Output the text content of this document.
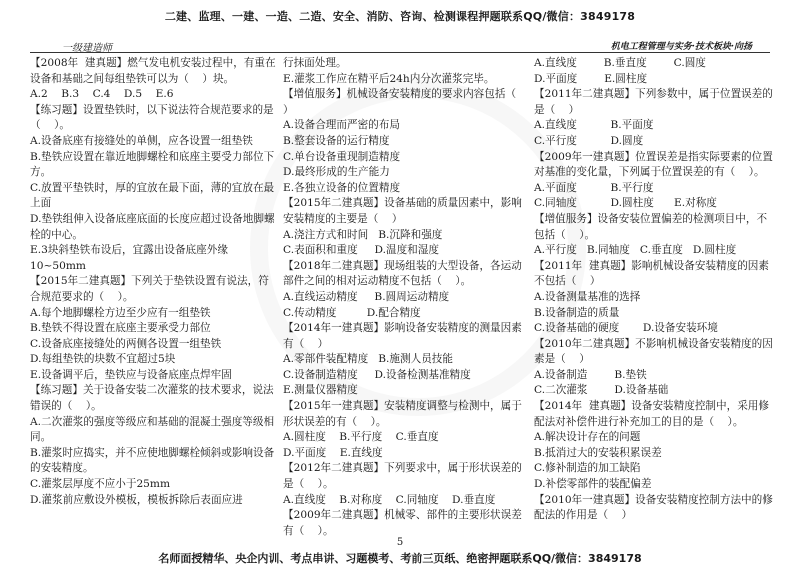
二建、监理、一建、一造、二造、安全、消防、咨询、检测课程押题联系QQ/微信：3849178
一级建造师	机电工程管理与实务·技术板块·向扬

【2008年  建真题】燃气发电机安装过程中，有重在设备和基础之间每组垫铁可以为（    ）块。

A.2    B.3    C.4    D.5    E.6

【练习题】设置垫铁时，以下说法符合规范要求的是（    ）。

A.设备底座有接缝处的单侧，应各设置一组垫铁

B.垫铁应设置在靠近地脚螺栓和底座主要受力部位下方。

C.放置平垫铁时，厚的宜放在最下面，薄的宜放在最上面

D.垫铁组伸入设备底座底面的长度应超过设备地脚螺栓的中心。

E.3块斜垫铁布设后，宜露出设备底座外缘10~50mm

【2015年二建真题】下列关于垫铁设置有说法，符合规范要求的（    ）。

A.每个地脚螺栓方边至少应有一组垫铁

B.垫铁不得设置在底座主要承受力部位

C.设备底座接缝处的两侧各设置一组垫铁

D.每组垫铁的块数不宜超过5块

E.设备调平后，垫铁应与设备底座点焊牢固

【练习题】关于设备安装二次灌浆的技术要求，说法错误的（    ）。

A.二次灌浆的强度等级应和基础的混凝土强度等级相同。

B.灌浆时应捣实，并不应使地脚螺栓倾斜或影响设备的安装精度。

C.灌浆层厚度不应小于25mm

D.灌浆前应敷设外模板，模板拆除后表面应进

行抹面处理。

E.灌浆工作应在精平后24h内分次灌浆完毕。

【增值服务】机械设备安装精度的要求内容包括（    ）

A.设备合理而严密的布局

B.整套设备的运行精度

C.单台设备重现制造精度

D.最终形成的生产能力

E.各独立设备的位置精度

【2015年二建真题】设备基础的质量因素中，影响安装精度的主要是（    ）

A.浇注方式和时间   B.沉降和强度

C.表面积和重度     D.温度和湿度

【2018年二建真题】现场组装的大型设备，各运动部件之间的相对运动精度不包括（    ）。

A.直线运动精度     B.圆周运动精度

C.传动精度         D.配合精度

【2014年一建真题】影响设备安装精度的测量因素有（    ）

A.零部件装配精度   B.施测人员技能

C.设备制造精度     D.设备检测基准精度

E.测量仪器精度

【2015年一建真题】安装精度调整与检测中，属于形状误差的有（    ）。

A.圆柱度    B.平行度    C.垂直度

D.平面度    E.直线度

【2012年二建真题】下列要求中，属于形状误差的是（    ）。

A.直线度    B.对称度    C.同轴度    D.垂直度

【2009年二建真题】机械零、部件的主要形状误差有（    ）。

A.直线度        B.垂直度        C.圆度

D.平面度        E.圆柱度

【2011年二建真题】下列参数中，属于位置误差的是（    ）

A.直线度          B.平面度

C.平行度          D.圆度

【2009年一建真题】位置误差是指实际要素的位置对基准的变化量，下列属于位置误差的有（    ）。

A.平面度          B.平行度

C.同轴度          D.圆柱度      E.对称度

【增值服务】设备安装位置偏差的检测项目中，不包括（    ）。

A.平行度   B.同轴度   C.垂直度   D.圆柱度

【2011年  建真题】影响机械设备安装精度的因素不包括（    ）

A.设备测量基准的选择

B.设备制造的质量

C.设备基础的硬度       D.设备安装环境

【2010年二建真题】不影响机械设备安装精度的因素是（    ）

A.设备制造        B.垫铁

C.二次灌浆        D.设备基础

【2014年  建真题】设备安装精度控制中，采用修配法对补偿件进行补充加工的目的是（    ）。

A.解决设计存在的问题

B.抵消过大的安装积累误差

C.修补制造的加工缺陷

D.补偿零部件的装配偏差

【2010年一建真题】设备安装精度控制方法中的修配法的作用是（    ）

5
名师面授精华、央企内训、考点串讲、习题模考、考前三页纸、绝密押题联系QQ/微信：3849178
